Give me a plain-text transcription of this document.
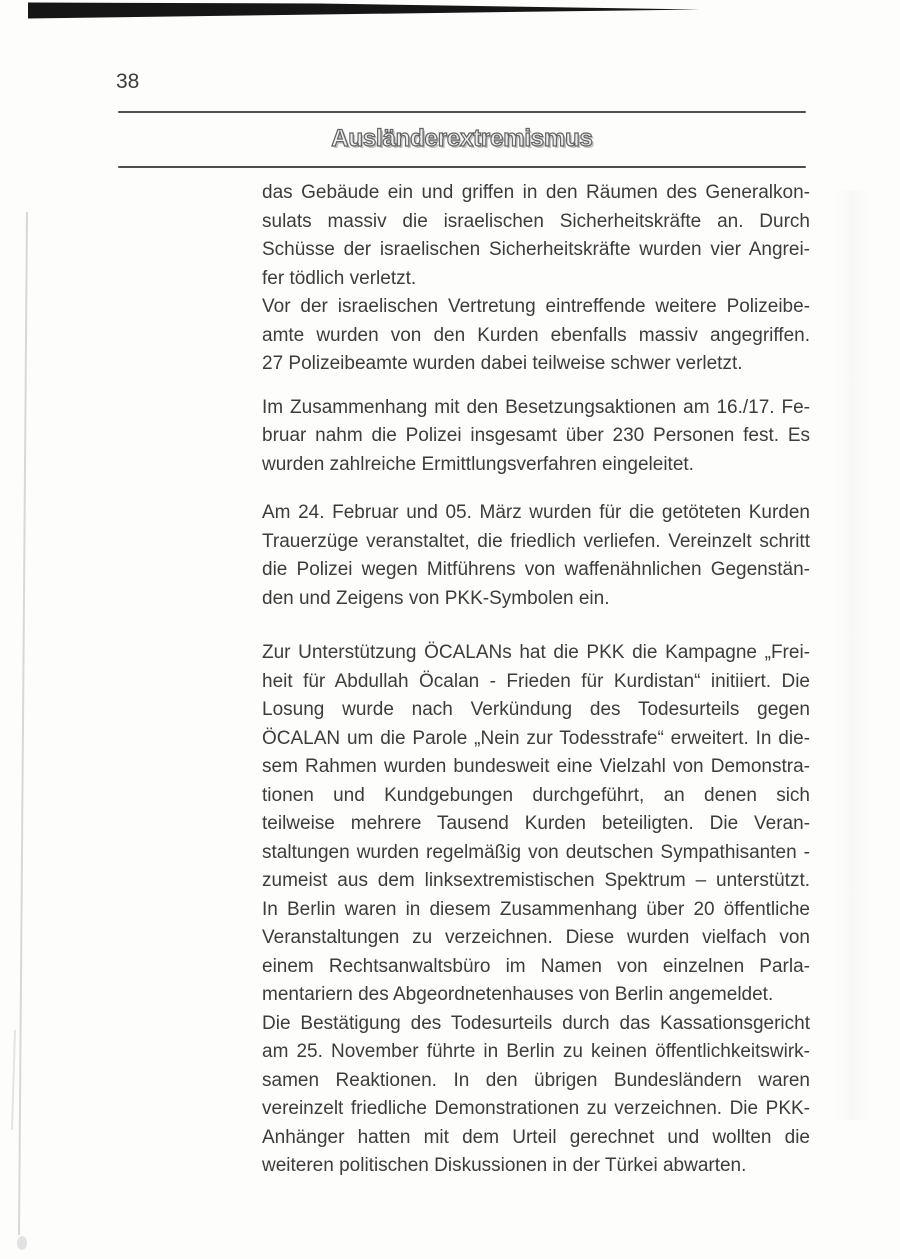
38
Ausländerextremismus
das Gebäude ein und griffen in den Räumen des Generalkon-
sulats massiv die israelischen Sicherheitskräfte an. Durch
Schüsse der israelischen Sicherheitskräfte wurden vier Angrei-
fer tödlich verletzt.
Vor der israelischen Vertretung eintreffende weitere Polizeibe-
amte wurden von den Kurden ebenfalls massiv angegriffen.
27 Polizeibeamte wurden dabei teilweise schwer verletzt.
Im Zusammenhang mit den Besetzungsaktionen am 16./17. Fe-
bruar nahm die Polizei insgesamt über 230 Personen fest. Es
wurden zahlreiche Ermittlungsverfahren eingeleitet.
Am 24. Februar und 05. März wurden für die getöteten Kurden
Trauerzüge veranstaltet, die friedlich verliefen. Vereinzelt schritt
die Polizei wegen Mitführens von waffenähnlichen Gegenstän-
den und Zeigens von PKK-Symbolen ein.
Zur Unterstützung ÖCALANs hat die PKK die Kampagne „Frei-
heit für Abdullah Öcalan - Frieden für Kurdistan“ initiiert. Die
Losung wurde nach Verkündung des Todesurteils gegen
ÖCALAN um die Parole „Nein zur Todesstrafe“ erweitert. In die-
sem Rahmen wurden bundesweit eine Vielzahl von Demonstra-
tionen und Kundgebungen durchgeführt, an denen sich
teilweise mehrere Tausend Kurden beteiligten. Die Veran-
staltungen wurden regelmäßig von deutschen Sympathisanten -
zumeist aus dem linksextremistischen Spektrum – unterstützt.
In Berlin waren in diesem Zusammenhang über 20 öffentliche
Veranstaltungen zu verzeichnen. Diese wurden vielfach von
einem Rechtsanwaltsbüro im Namen von einzelnen Parla-
mentariern des Abgeordnetenhauses von Berlin angemeldet.
Die Bestätigung des Todesurteils durch das Kassationsgericht
am 25. November führte in Berlin zu keinen öffentlichkeitswirk-
samen Reaktionen. In den übrigen Bundesländern waren
vereinzelt friedliche Demonstrationen zu verzeichnen. Die PKK-
Anhänger hatten mit dem Urteil gerechnet und wollten die
weiteren politischen Diskussionen in der Türkei abwarten.
